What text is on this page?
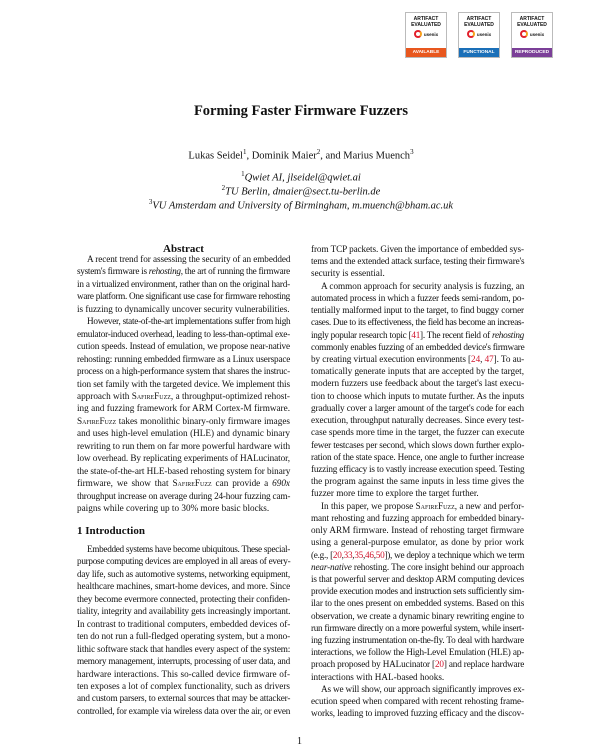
ARTIFACT
EVALUATED
usenix
AVAILABLE
ARTIFACT
EVALUATED
usenix
FUNCTIONAL
ARTIFACT
EVALUATED
usenix
REPRODUCED
Forming Faster Firmware Fuzzers
Lukas Seidel$^1$, Dominik Maier$^2$, and Marius Muench$^3$
$^1$Qwiet AI, jlseidel@qwiet.ai
$^2$TU Berlin, dmaier@sect.tu-berlin.de
$^3$VU Amsterdam and University of Birmingham, m.muench@bham.ac.uk
Abstract
1 Introduction
A recent trend for assessing the security of an embedded
system's firmware is rehosting, the art of running the firmware
in a virtualized environment, rather than on the original hard-
ware platform. One significant use case for firmware rehosting
is fuzzing to dynamically uncover security vulnerabilities.
However, state-of-the-art implementations suffer from high
emulator-induced overhead, leading to less-than-optimal exe-
cution speeds. Instead of emulation, we propose near-native
rehosting: running embedded firmware as a Linux userspace
process on a high-performance system that shares the instruc-
tion set family with the targeted device. We implement this
approach with SafireFuzz, a throughput-optimized rehost-
ing and fuzzing framework for ARM Cortex-M firmware.
SafireFuzz takes monolithic binary-only firmware images
and uses high-level emulation (HLE) and dynamic binary
rewriting to run them on far more powerful hardware with
low overhead. By replicating experiments of HALucinator,
the state-of-the-art HLE-based rehosting system for binary
firmware, we show that SafireFuzz can provide a 690x
throughput increase on average during 24-hour fuzzing cam-
paigns while covering up to 30% more basic blocks.
Embedded systems have become ubiquitous. These special-
purpose computing devices are employed in all areas of every-
day life, such as automotive systems, networking equipment,
healthcare machines, smart-home devices, and more. Since
they become evermore connected, protecting their confiden-
tiality, integrity and availability gets increasingly important.
In contrast to traditional computers, embedded devices of-
ten do not run a full-fledged operating system, but a mono-
lithic software stack that handles every aspect of the system:
memory management, interrupts, processing of user data, and
hardware interactions. This so-called device firmware of-
ten exposes a lot of complex functionality, such as drivers
and custom parsers, to external sources that may be attacker-
controlled, for example via wireless data over the air, or even
from TCP packets. Given the importance of embedded sys-
tems and the extended attack surface, testing their firmware's
security is essential.
A common approach for security analysis is fuzzing, an
automated process in which a fuzzer feeds semi-random, po-
tentially malformed input to the target, to find buggy corner
cases. Due to its effectiveness, the field has become an increas-
ingly popular research topic [41]. The recent field of rehosting
commonly enables fuzzing of an embedded device's firmware
by creating virtual execution environments [24, 47]. To au-
tomatically generate inputs that are accepted by the target,
modern fuzzers use feedback about the target's last execu-
tion to choose which inputs to mutate further. As the inputs
gradually cover a larger amount of the target's code for each
execution, throughput naturally decreases. Since every test-
case spends more time in the target, the fuzzer can execute
fewer testcases per second, which slows down further explo-
ration of the state space. Hence, one angle to further increase
fuzzing efficacy is to vastly increase execution speed. Testing
the program against the same inputs in less time gives the
fuzzer more time to explore the target further.
In this paper, we propose SafireFuzz, a new and perfor-
mant rehosting and fuzzing approach for embedded binary-
only ARM firmware. Instead of rehosting target firmware
using a general-purpose emulator, as done by prior work
(e.g., [20,33,35,46,50]), we deploy a technique which we term
near-native rehosting. The core insight behind our approach
is that powerful server and desktop ARM computing devices
provide execution modes and instruction sets sufficiently sim-
ilar to the ones present on embedded systems. Based on this
observation, we create a dynamic binary rewriting engine to
run firmware directly on a more powerful system, while insert-
ing fuzzing instrumentation on-the-fly. To deal with hardware
interactions, we follow the High-Level Emulation (HLE) ap-
proach proposed by HALucinator [20] and replace hardware
interactions with HAL-based hooks.
As we will show, our approach significantly improves ex-
ecution speed when compared with recent rehosting frame-
works, leading to improved fuzzing efficacy and the discov-
1
